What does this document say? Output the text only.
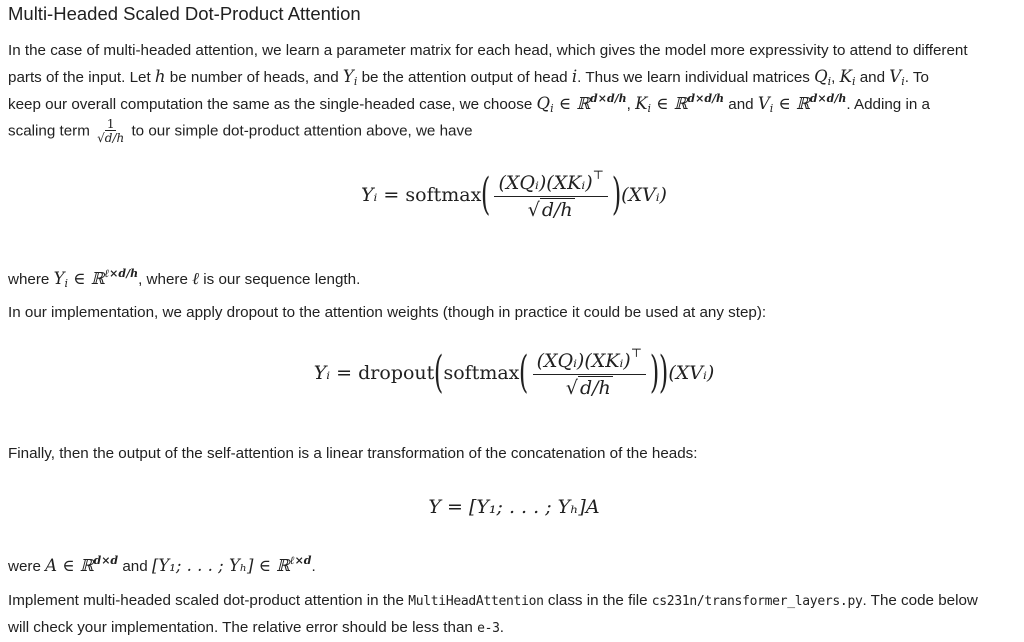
Multi-Headed Scaled Dot-Product Attention

In the case of multi-headed attention, we learn a parameter matrix for each head, which gives the model more expressivity to attend to different
parts of the input. Let h be number of heads, and $Y_i$ be the attention output of head i. Thus we learn individual matrices $Q_i$, $K_i$ and $V_i$. To
keep our overall computation the same as the single-headed case, we choose $Q_i$ ∈ ℝ$^{d\times d/h}$, $K_i$ ∈ ℝ$^{d\times d/h}$ and $V_i$ ∈ ℝ$^{d\times d/h}$. Adding in a
scaling term $\frac{1}{√d/h}$ to our simple dot-product attention above, we have

Yᵢ
=
softmax ( $\frac{(XQᵢ)(XKᵢ)^⊤}{√ d/h}$ ) (XVᵢ)

where $Y_i$ ∈ ℝ$^{\ell\times d/h}$, where ℓ is our sequence length.

In our implementation, we apply dropout to the attention weights (though in practice it could be used at any step):

Yᵢ
=
dropout ( softmax ( $\frac{(XQᵢ)(XKᵢ)^⊤}{√ d/h}$ ) ) (XVᵢ)

Finally, then the output of the self-attention is a linear transformation of the concatenation of the heads:

Y = [Y₁; . . . ; Yₕ]A

were A ∈ ℝ$^{d\times d}$ and [Y₁; . . . ; Yₕ] ∈ ℝ$^{\ell\times d}$.

Implement multi-headed scaled dot-product attention in the MultiHeadAttention class in the file cs231n/transformer_layers.py. The code below
will check your implementation. The relative error should be less than e-3.
